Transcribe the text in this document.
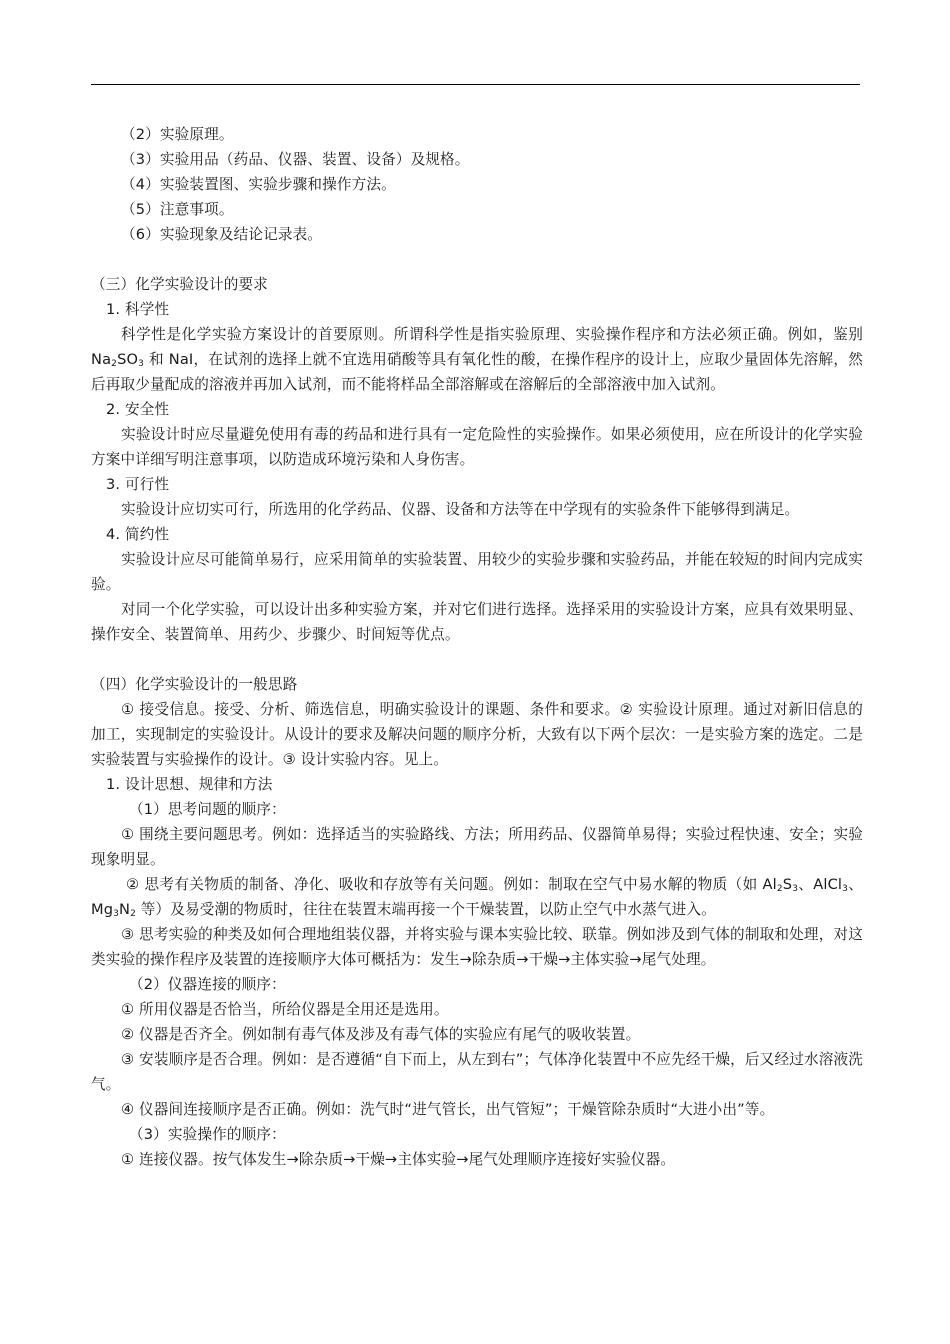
（2）实验原理。

（3）实验用品（药品、仪器、装置、设备）及规格。

（4）实验装置图、实验步骤和操作方法。

（5）注意事项。

（6）实验现象及结论记录表。

（三）化学实验设计的要求

1. 科学性

科学性是化学实验方案设计的首要原则。所谓科学性是指实验原理、实验操作程序和方法必须正确。例如，鉴别 $Na_2SO_3$ 和 NaI，在试剂的选择上就不宜选用硝酸等具有氧化性的酸，在操作程序的设计上，应取少量固体先溶解，然后再取少量配成的溶液并再加入试剂，而不能将样品全部溶解或在溶解后的全部溶液中加入试剂。

2. 安全性

实验设计时应尽量避免使用有毒的药品和进行具有一定危险性的实验操作。如果必须使用，应在所设计的化学实验方案中详细写明注意事项，以防造成环境污染和人身伤害。

3. 可行性

实验设计应切实可行，所选用的化学药品、仪器、设备和方法等在中学现有的实验条件下能够得到满足。

4. 简约性

实验设计应尽可能简单易行，应采用简单的实验装置、用较少的实验步骤和实验药品，并能在较短的时间内完成实验。

对同一个化学实验，可以设计出多种实验方案，并对它们进行选择。选择采用的实验设计方案，应具有效果明显、操作安全、装置简单、用药少、步骤少、时间短等优点。

（四）化学实验设计的一般思路

① 接受信息。接受、分析、筛选信息，明确实验设计的课题、条件和要求。② 实验设计原理。通过对新旧信息的加工，实现制定的实验设计。从设计的要求及解决问题的顺序分析，大致有以下两个层次：一是实验方案的选定。二是实验装置与实验操作的设计。③ 设计实验内容。见上。

1. 设计思想、规律和方法

（1）思考问题的顺序：

① 围绕主要问题思考。例如：选择适当的实验路线、方法；所用药品、仪器简单易得；实验过程快速、安全；实验现象明显。

② 思考有关物质的制备、净化、吸收和存放等有关问题。例如：制取在空气中易水解的物质（如 $Al_2S_3$、AlCl$_3$、$Mg_3N_2$ 等）及易受潮的物质时，往往在装置末端再接一个干燥装置，以防止空气中水蒸气进入。

③ 思考实验的种类及如何合理地组装仪器，并将实验与课本实验比较、联靠。例如涉及到气体的制取和处理，对这类实验的操作程序及装置的连接顺序大体可概括为：发生→除杂质→干燥→主体实验→尾气处理。

（2）仪器连接的顺序：

① 所用仪器是否恰当，所给仪器是全用还是选用。

② 仪器是否齐全。例如制有毒气体及涉及有毒气体的实验应有尾气的吸收装置。

③ 安装顺序是否合理。例如：是否遵循“自下而上，从左到右”；气体净化装置中不应先经干燥，后又经过水溶液洗气。

④ 仪器间连接顺序是否正确。例如：洗气时“进气管长，出气管短”；干燥管除杂质时“大进小出”等。

（3）实验操作的顺序：

① 连接仪器。按气体发生→除杂质→干燥→主体实验→尾气处理顺序连接好实验仪器。
